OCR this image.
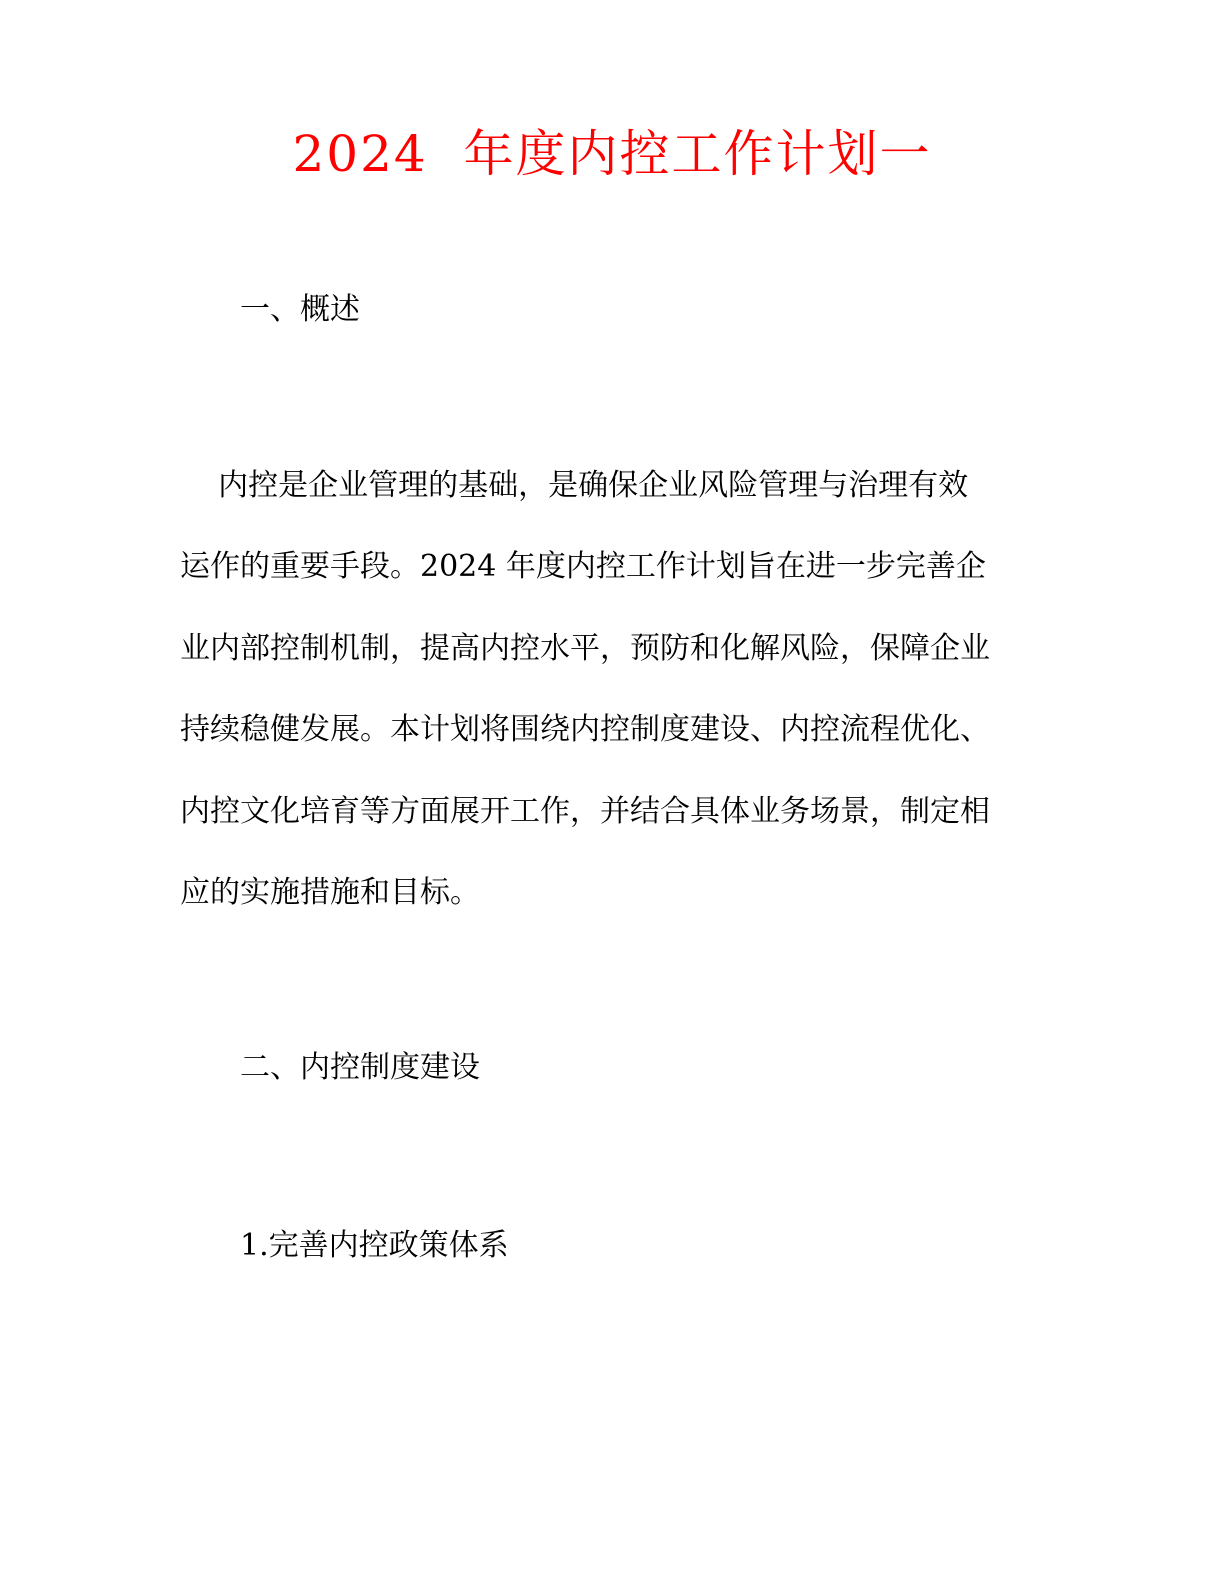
2024  年度内控工作计划一
一、概述

内控是企业管理的基础，是确保企业风险管理与治理有效

运作的重要手段。2024 年度内控工作计划旨在进一步完善企

业内部控制机制，提高内控水平，预防和化解风险，保障企业

持续稳健发展。本计划将围绕内控制度建设、内控流程优化、

内控文化培育等方面展开工作，并结合具体业务场景，制定相

应的实施措施和目标。

二、内控制度建设
1.完善内控政策体系
